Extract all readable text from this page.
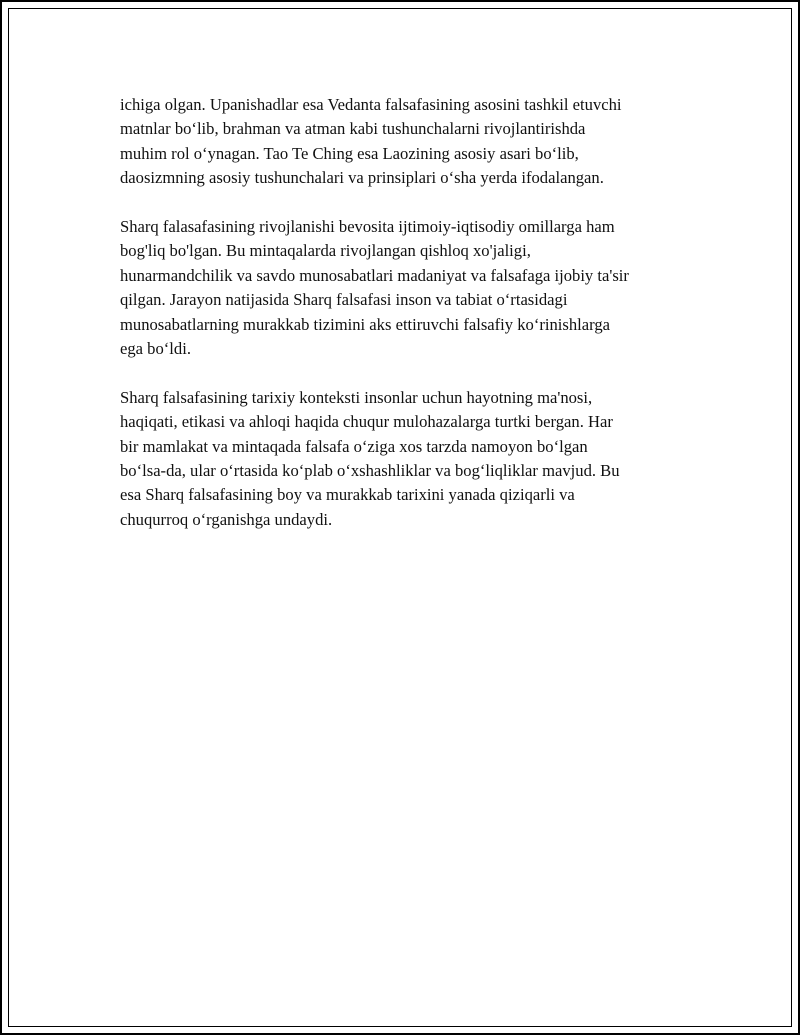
ichiga olgan. Upanishadlar esa Vedanta falsafasining asosini tashkil etuvchi
matnlar boʻlib, brahman va atman kabi tushunchalarni rivojlantirishda
muhim rol oʻynagan. Tao Te Ching esa Laozining asosiy asari boʻlib,
daosizmning asosiy tushunchalari va prinsiplari oʻsha yerda ifodalangan.

Sharq falasafasining rivojlanishi bevosita ijtimoiy-iqtisodiy omillarga ham
bog'liq bo'lgan. Bu mintaqalarda rivojlangan qishloq xo'jaligi,
hunarmandchilik va savdo munosabatlari madaniyat va falsafaga ijobiy ta'sir
qilgan. Jarayon natijasida Sharq falsafasi inson va tabiat oʻrtasidagi
munosabatlarning murakkab tizimini aks ettiruvchi falsafiy koʻrinishlarga
ega boʻldi.

Sharq falsafasining tarixiy konteksti insonlar uchun hayotning ma'nosi,
haqiqati, etikasi va ahloqi haqida chuqur mulohazalarga turtki bergan. Har
bir mamlakat va mintaqada falsafa oʻziga xos tarzda namoyon boʻlgan
boʻlsa-da, ular oʻrtasida koʻplab oʻxshashliklar va bogʻliqliklar mavjud. Bu
esa Sharq falsafasining boy va murakkab tarixini yanada qiziqarli va
chuqurroq oʻrganishga undaydi.
